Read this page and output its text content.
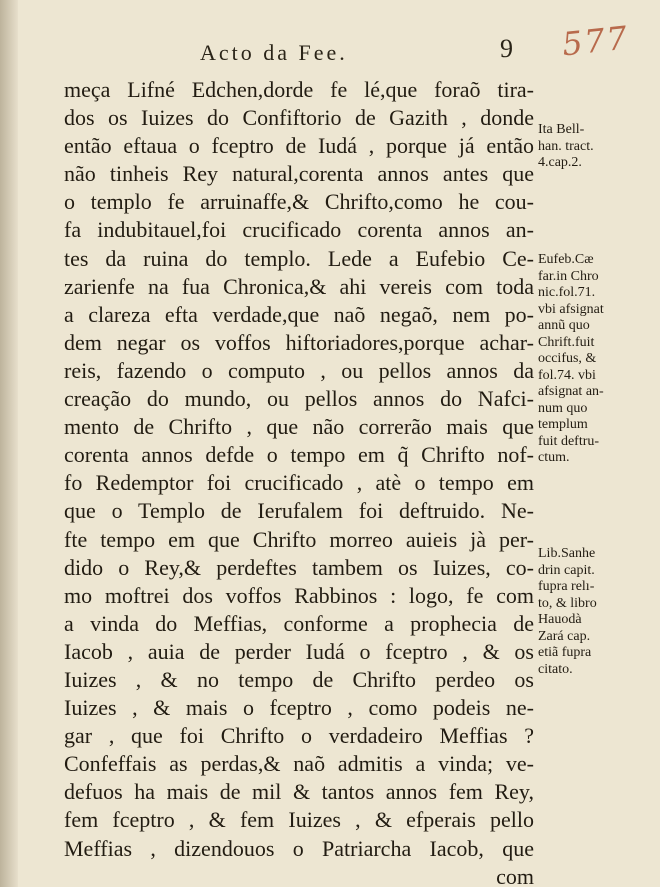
Acto da Fee.	9 577
meça Lifné Edchen,dorde fe lé,que foraõ tira-
dos os Iuizes do Confiftorio de Gazith , donde
então eftaua o fceptro de Iudá , porque já então
não tinheis Rey natural,corenta annos antes que
o templo fe arruinaffe,& Chrifto,como he cou-
fa indubitauel,foi crucificado corenta annos an-
tes da ruina do templo. Lede a Eufebio Ce-
zarienfe na fua Chronica,& ahi vereis com toda
a clareza efta verdade,que naõ negaõ, nem po-
dem negar os voffos hiftoriadores,porque achar-
reis, fazendo o computo , ou pellos annos da
creação do mundo, ou pellos annos do Nafci-
mento de Chrifto , que não correrão mais que
corenta annos defde o tempo em q̃ Chrifto nof-
fo Redemptor foi crucificado , atè o tempo em
que o Templo de Ierufalem foi deftruido. Ne-
fte tempo em que Chrifto morreo auieis jà per-
dido o Rey,& perdeftes tambem os Iuizes, co-
mo moftrei dos voffos Rabbinos : logo, fe com
a vinda do Meffias, conforme a prophecia de
Iacob , auia de perder Iudá o fceptro , & os
Iuizes , & no tempo de Chrifto perdeo os
Iuizes , & mais o fceptro , como podeis ne-
gar , que foi Chrifto o verdadeiro Meffias ?
Confeffais as perdas,& naõ admitis a vinda; ve-
defuos ha mais de mil & tantos annos fem Rey,
fem fceptro , & fem Iuizes , & efperais pello
Meffias , dizendouos o Patriarcha Iacob, que
com
Ita Bell-
han. tract.
4.cap.2.
Eufeb.Cæ
far.in Chro
nic.fol.71.
vbi afsignat
annũ quo
Chrift.fuit
occifus, &
fol.74. vbi
afsignat an-
num quo
templum
fuit deftru-
ctum.
Lib.Sanhe
drin capit.
fupra relı-
to, & libro
Hauodà
Zará cap.
etiã fupra
citato.
